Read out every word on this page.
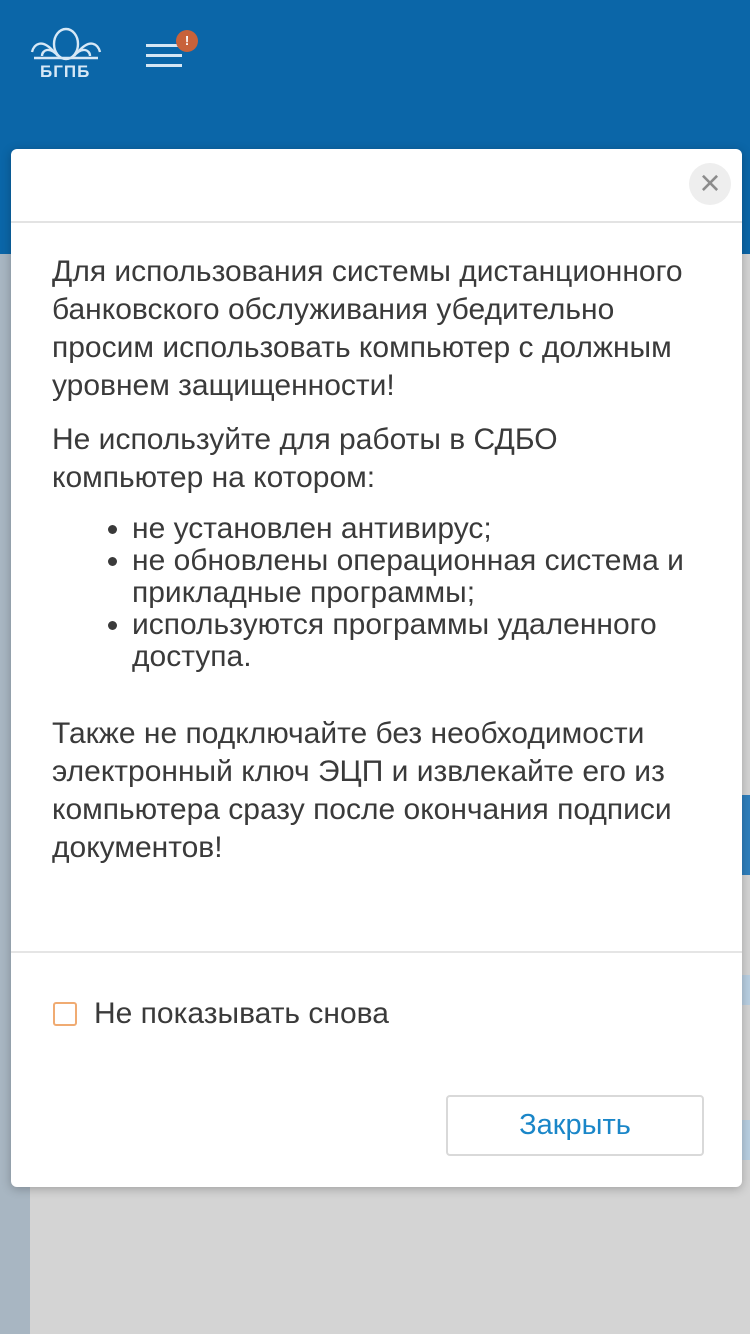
БГПБ
!
×

Для использования системы дистанционного банковского обслуживания убедительно просим использовать компьютер с должным уровнем защищенности!

Не используйте для работы в СДБО компьютер на котором:

• не установлен антивирус;
• не обновлены операционная система и прикладные программы;
• используются программы удаленного доступа.

Также не подключайте без необходимости электронный ключ ЭЦП и извлекайте его из компьютера сразу после окончания подписи документов!

Не показывать снова
Закрыть
